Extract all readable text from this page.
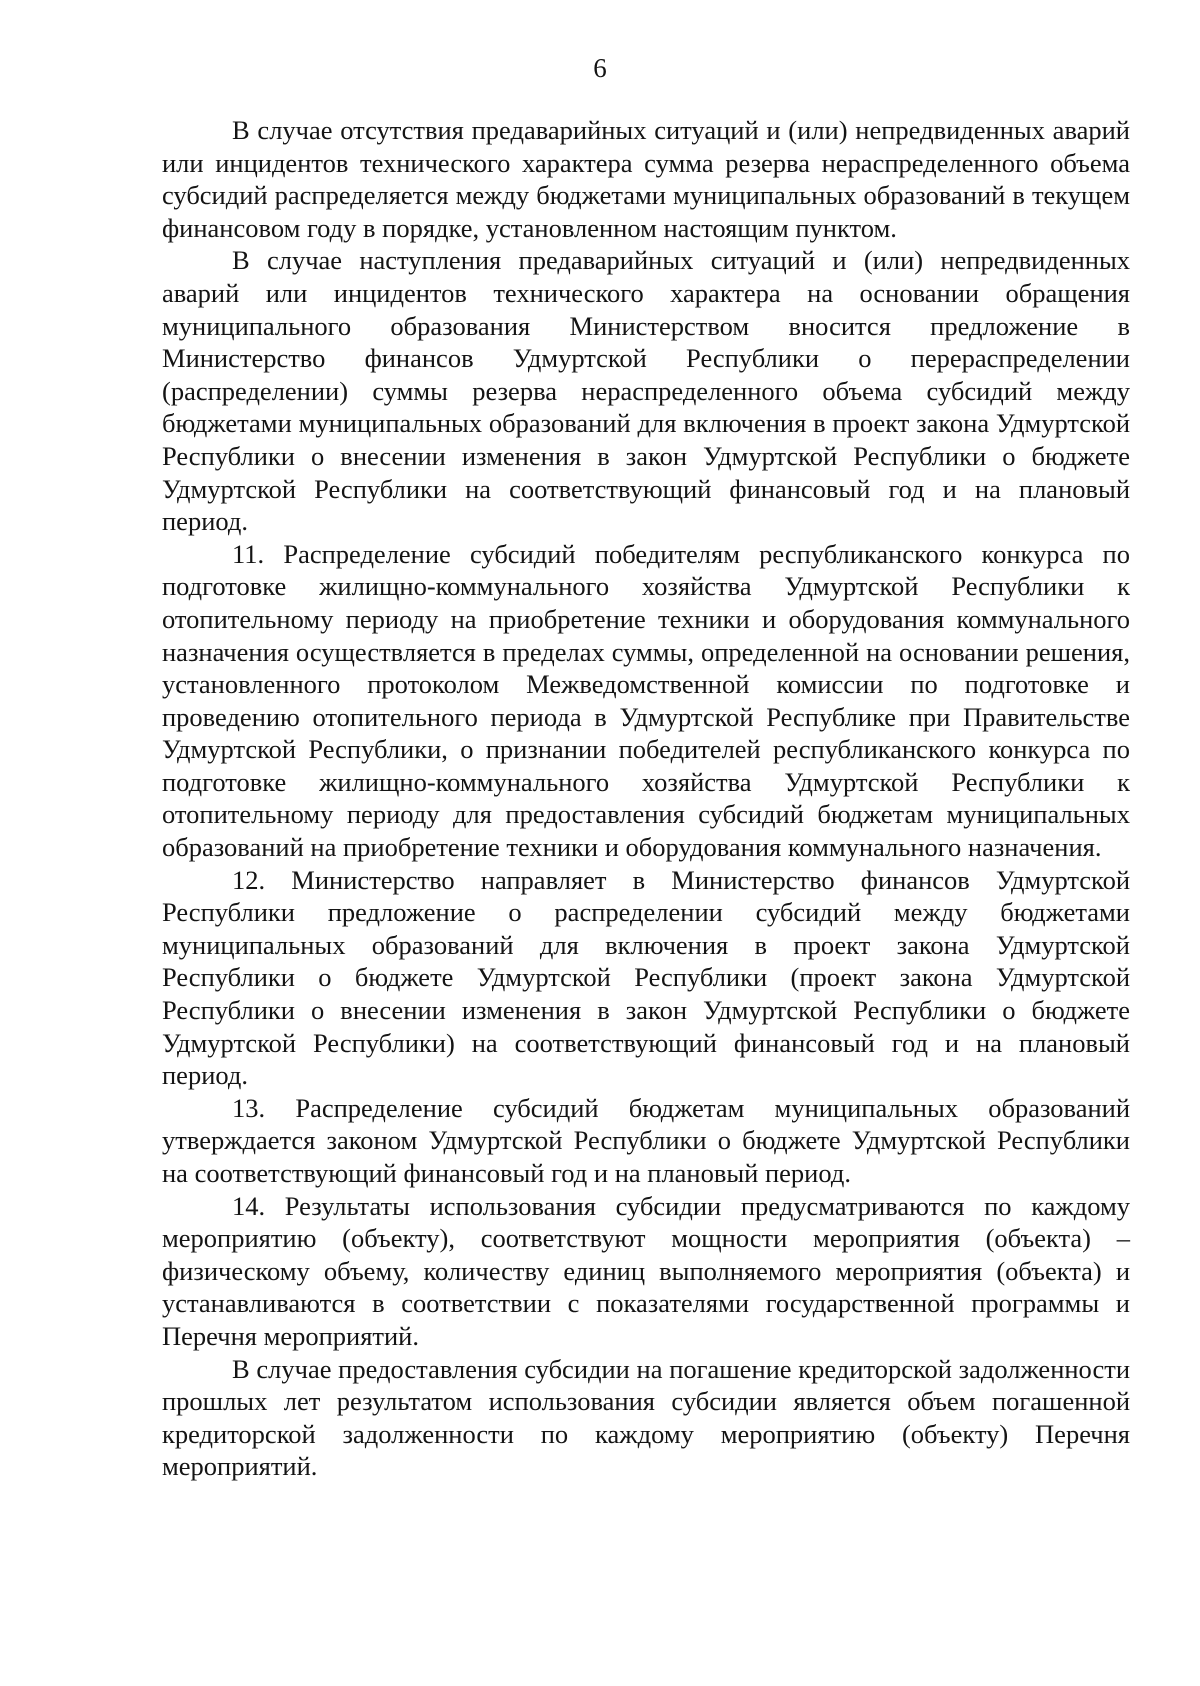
6

В случае отсутствия предаварийных ситуаций и (или) непредвиденных аварий или инцидентов технического характера сумма резерва нераспределенного объема субсидий распределяется между бюджетами муниципальных образований в текущем финансовом году в порядке, установленном настоящим пунктом.

В случае наступления предаварийных ситуаций и (или) непредвиденных аварий или инцидентов технического характера на основании обращения муниципального образования Министерством вносится предложение в Министерство финансов Удмуртской Республики о перераспределении (распределении) суммы резерва нераспределенного объема субсидий между бюджетами муниципальных образований для включения в проект закона Удмуртской Республики о внесении изменения в закон Удмуртской Республики о бюджете Удмуртской Республики на соответствующий финансовый год и на плановый период.

11. Распределение субсидий победителям республиканского конкурса по подготовке жилищно-коммунального хозяйства Удмуртской Республики к отопительному периоду на приобретение техники и оборудования коммунального назначения осуществляется в пределах суммы, определенной на основании решения, установленного протоколом Межведомственной комиссии по подготовке и проведению отопительного периода в Удмуртской Республике при Правительстве Удмуртской Республики, о признании победителей республиканского конкурса по подготовке жилищно-коммунального хозяйства Удмуртской Республики к отопительному периоду для предоставления субсидий бюджетам муниципальных образований на приобретение техники и оборудования коммунального назначения.

12. Министерство направляет в Министерство финансов Удмуртской Республики предложение о распределении субсидий между бюджетами муниципальных образований для включения в проект закона Удмуртской Республики о бюджете Удмуртской Республики (проект закона Удмуртской Республики о внесении изменения в закон Удмуртской Республики о бюджете Удмуртской Республики) на соответствующий финансовый год и на плановый период.

13. Распределение субсидий бюджетам муниципальных образований утверждается законом Удмуртской Республики о бюджете Удмуртской Республики на соответствующий финансовый год и на плановый период.

14. Результаты использования субсидии предусматриваются по каждому мероприятию (объекту), соответствуют мощности мероприятия (объекта) – физическому объему, количеству единиц выполняемого мероприятия (объекта) и устанавливаются в соответствии с показателями государственной программы и Перечня мероприятий.

В случае предоставления субсидии на погашение кредиторской задолженности прошлых лет результатом использования субсидии является объем погашенной кредиторской задолженности по каждому мероприятию (объекту) Перечня мероприятий.
